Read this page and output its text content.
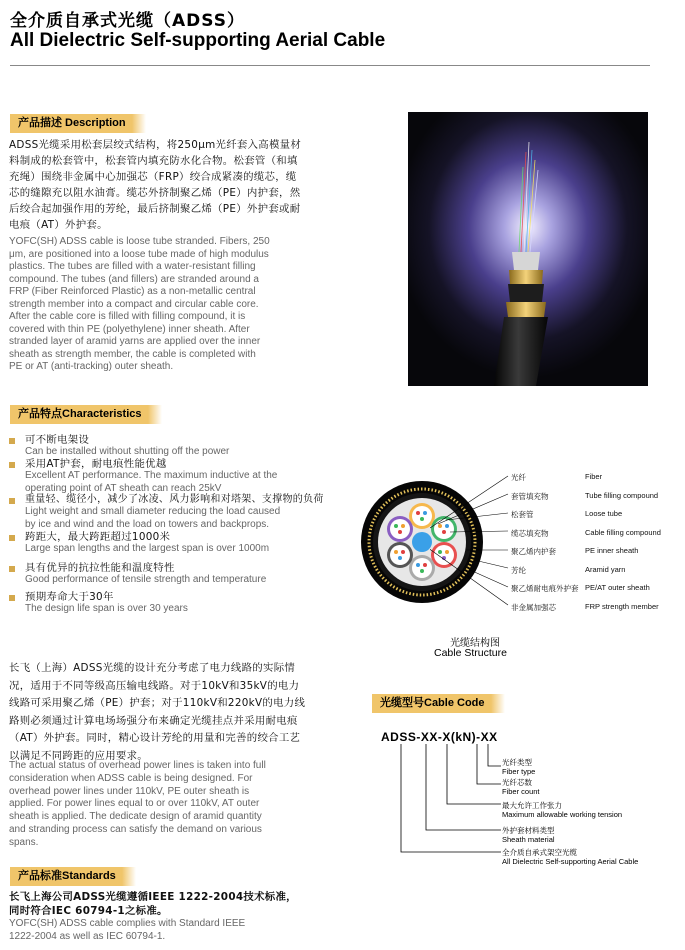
全介质自承式光缆（ADSS）
All Dielectric Self-supporting Aerial Cable
产品描述 Description
ADSS光缆采用松套层绞式结构，将250μm光纤套入高模量材
料制成的松套管中，松套管内填充防水化合物。松套管（和填
充绳）围绕非金属中心加强芯（FRP）绞合成紧凑的缆芯，缆
芯的缝隙充以阻水油膏。缆芯外挤制聚乙烯（PE）内护套，然
后绞合起加强作用的芳纶，最后挤制聚乙烯（PE）外护套或耐
电痕（AT）外护套。
YOFC(SH) ADSS cable is loose tube stranded. Fibers, 250
μm, are positioned into a loose tube made of high modulus
plastics. The tubes are filled with a water-resistant filling
compound. The tubes (and fillers) are stranded around a
FRP (Fiber Reinforced Plastic) as a non-metallic central
strength member into a compact and circular cable core.
After the cable core is filled with filling compound, it is
covered with thin PE (polyethylene) inner sheath. After
stranded layer of aramid yarns are applied over the inner
sheath as strength member, the cable is completed with
PE or AT (anti-tracking) outer sheath.
产品特点Characteristics
可不断电架设
Can be installed without shutting off the power
采用AT护套，耐电痕性能优越
Excellent AT performance. The maximum inductive at the
operating point of AT sheath can reach 25kV
重量轻、缆径小，减少了冰凌、风力影响和对塔架、支撑物的负荷
Light weight and small diameter reducing the load caused
by ice and wind and the load on towers and backprops.
跨距大，最大跨距超过1000米
Large span lengths and the largest span is over 1000m
具有优异的抗拉性能和温度特性
Good performance of tensile strength and temperature
预期寿命大于30年
The design life span is over 30 years
长飞（上海）ADSS光缆的设计充分考虑了电力线路的实际情
况，适用于不同等级高压输电线路。对于10kV和35kV的电力
线路可采用聚乙烯（PE）护套；对于110kV和220kV的电力线
路则必须通过计算电场场强分布来确定光缆挂点并采用耐电痕
（AT）外护套。同时，精心设计芳纶的用量和完善的绞合工艺
以满足不同跨距的应用要求。
The actual status of overhead power lines is taken into full
consideration when ADSS cable is being designed. For
overhead power lines under 110kV, PE outer sheath is
applied. For power lines equal to or over 110kV, AT outer
sheath is applied. The dedicate design of aramid quantity
and stranding process can satisfy the demand on various
spans.
产品标准Standards
长飞上海公司ADSS光缆遵循IEEE 1222-2004技术标准，
同时符合IEC 60794-1之标准。
YOFC(SH) ADSS cable complies with Standard IEEE
1222-2004 as well as IEC 60794-1.
光纤
套管填充物
松套管
缆芯填充物
聚乙烯内护套
芳纶
聚乙烯耐电痕外护套
非金属加强芯
Fiber
Tube filling compound
Loose tube
Cable filling compound
PE inner sheath
Aramid yarn
PE/AT outer sheath
FRP strength member
光缆结构图
Cable Structure
光缆型号Cable Code
ADSS-XX-X(kN)-XX
光纤类型
Fiber type
光纤芯数
Fiber count
最大允许工作张力
Maximum allowable working tension
外护套材料类型
Sheath material
全介质自承式架空光缆
All Dielectric Self-supporting Aerial Cable
